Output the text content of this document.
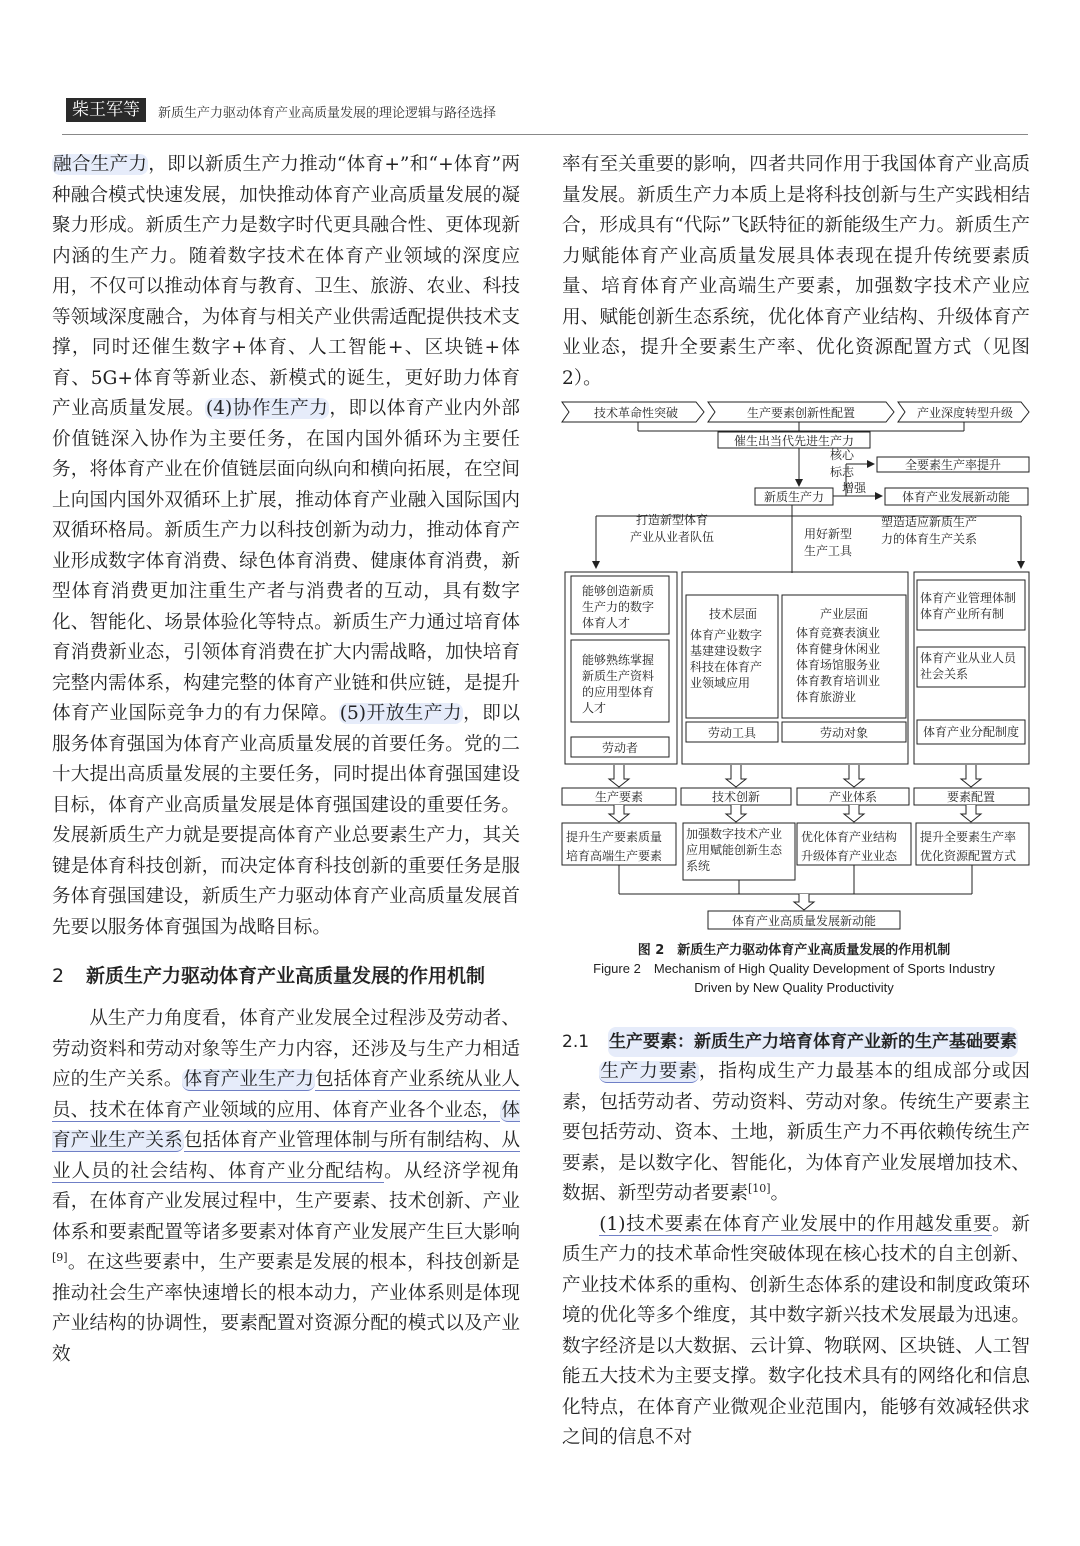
柴王军等	新质生产力驱动体育产业高质量发展的理论逻辑与路径选择

融合生产力，即以新质生产力推动“体育+”和“+体育”两种融合模式快速发展，加快推动体育产业高质量发展的凝聚力形成。新质生产力是数字时代更具融合性、更体现新内涵的生产力。随着数字技术在体育产业领域的深度应用，不仅可以推动体育与教育、卫生、旅游、农业、科技等领域深度融合，为体育与相关产业供需适配提供技术支撑，同时还催生数字+体育、人工智能+、区块链+体育、5G+体育等新业态、新模式的诞生，更好助力体育产业高质量发展。(4)协作生产力，即以体育产业内外部价值链深入协作为主要任务，在国内国外循环为主要任务，将体育产业在价值链层面向纵向和横向拓展，在空间上向国内国外双循环上扩展，推动体育产业融入国际国内双循环格局。新质生产力以科技创新为动力，推动体育产业形成数字体育消费、绿色体育消费、健康体育消费，新型体育消费更加注重生产者与消费者的互动，具有数字化、智能化、场景体验化等特点。新质生产力通过培育体育消费新业态，引领体育消费在扩大内需战略，加快培育完整内需体系，构建完整的体育产业链和供应链，是提升体育产业国际竞争力的有力保障。(5)开放生产力，即以服务体育强国为体育产业高质量发展的首要任务。党的二十大提出高质量发展的主要任务，同时提出体育强国建设目标，体育产业高质量发展是体育强国建设的重要任务。发展新质生产力就是要提高体育产业总要素生产力，其关键是体育科技创新，而决定体育科技创新的重要任务是服务体育强国建设，新质生产力驱动体育产业高质量发展首先要以服务体育强国为战略目标。

2	新质生产力驱动体育产业高质量发展的作用机制

从生产力角度看，体育产业发展全过程涉及劳动者、劳动资料和劳动对象等生产力内容，还涉及与生产力相适应的生产关系。体育产业生产力包括体育产业系统从业人员、技术在体育产业领域的应用、体育产业各个业态，体育产业生产关系包括体育产业管理体制与所有制结构、从业人员的社会结构、体育产业分配结构。从经济学视角看，在体育产业发展过程中，生产要素、技术创新、产业体系和要素配置等诸多要素对体育产业发展产生巨大影响[9]。在这些要素中，生产要素是发展的根本，科技创新是推动社会生产率快速增长的根本动力，产业体系则是体现产业结构的协调性，要素配置对资源分配的模式以及产业效

率有至关重要的影响，四者共同作用于我国体育产业高质量发展。新质生产力本质上是将科技创新与生产实践相结合，形成具有“代际”飞跃特征的新能级生产力。新质生产力赋能体育产业高质量发展具体表现在提升传统要素质量、培育体育产业高端生产要素，加强数字技术产业应用、赋能创新生态系统，优化体育产业结构、升级体育产业业态，提升全要素生产率、优化资源配置方式（见图2）。

2.1	生产要素：新质生产力培育体育产业新的生产基础要素

生产力要素，指构成生产力最基本的组成部分或因素，包括劳动者、劳动资料、劳动对象。传统生产要素主要包括劳动、资本、土地，新质生产力不再依赖传统生产要素，是以数字化、智能化，为体育产业发展增加技术、数据、新型劳动者要素[10]。

(1)技术要素在体育产业发展中的作用越发重要。新质生产力的技术革命性突破体现在核心技术的自主创新、产业技术体系的重构、创新生态体系的建设和制度政策环境的优化等多个维度，其中数字新兴技术发展最为迅速。数字经济是以大数据、云计算、物联网、区块链、人工智能五大技术为主要支撑。数字化技术具有的网络化和信息化特点，在体育产业微观企业范围内，能够有效减轻供求之间的信息不对

技术革命性突破	生产要素创新性配置	产业深度转型升级
催生出当代先进生产力
新质生产力
核心
标志
增强
全要素生产率提升
体育产业发展新动能
打造新型体育
产业从业者队伍	用好新型
生产工具
塑造适应新质生产
力的体育生产关系
能够创造新质
生产力的数字
体育人才
能够熟练掌握
新质生产资料
的应用型体育
人才
劳动者
技术层面
体育产业数字
基建建设数字
科技在体育产
业领域应用
产业层面
体育竞赛表演业
体育健身休闲业
体育场馆服务业
体育教育培训业
体育旅游业
劳动工具	劳动对象
体育产业管理体制
体育产业所有制
体育产业从业人员
社会关系
体育产业分配制度
生产要素	技术创新	产业体系	要素配置
提升生产要素质量
培育高端生产要素
加强数字技术产业
应用赋能创新生态
系统
优化体育产业结构
升级体育产业业态
提升全要素生产率
优化资源配置方式
体育产业高质量发展新动能
图 2　新质生产力驱动体育产业高质量发展的作用机制
Figure 2　Mechanism of High Quality Development of Sports Industry
Driven by New Quality Productivity
